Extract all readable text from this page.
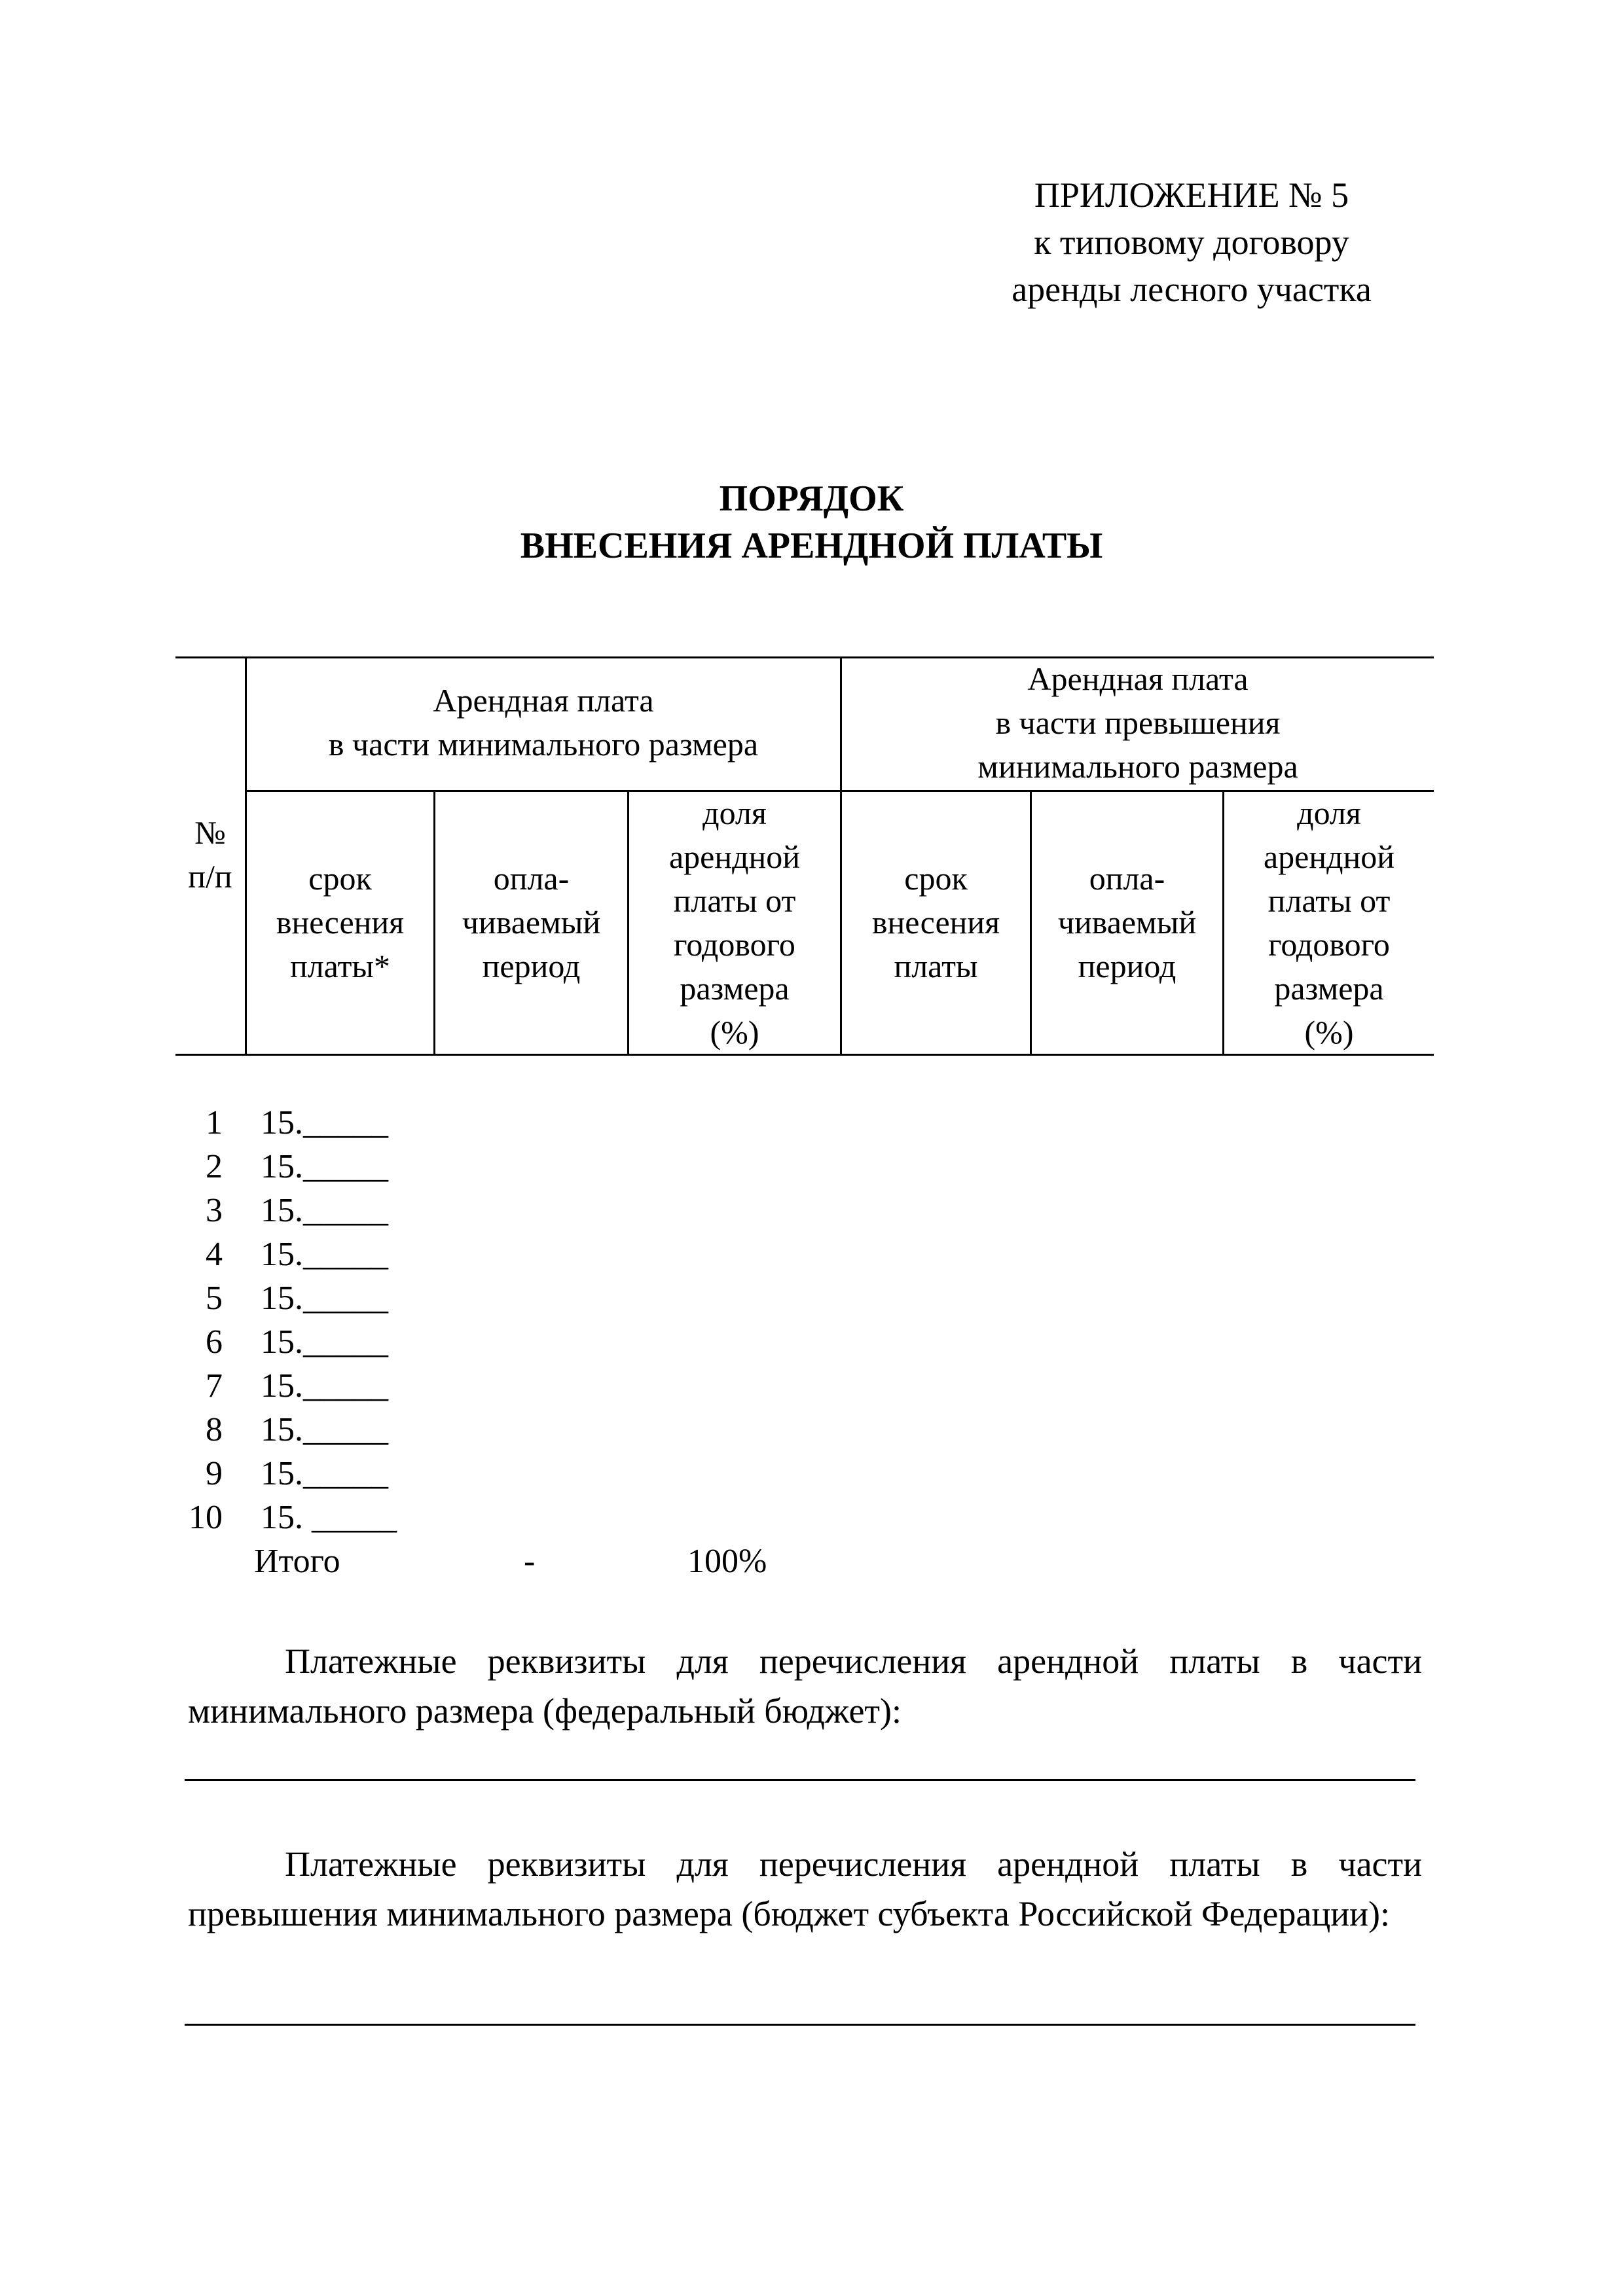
ПРИЛОЖЕНИЕ № 5
к типовому договору
аренды лесного участка
ПОРЯДОК
ВНЕСЕНИЯ АРЕНДНОЙ ПЛАТЫ
№
п/п
Арендная плата
в части минимального размера
Арендная плата
в части превышения
минимального размера
срок
внесения
платы*
опла-
чиваемый
период
доля
арендной
платы от
годового
размера
(%)
срок
внесения
платы
опла-
чиваемый
период
доля
арендной
платы от
годового
размера
(%)
1 15._____
2 15._____
3 15._____
4 15._____
5 15._____
6 15._____
7 15._____
8 15._____
9 15._____
10 15. _____
Итого	-	100%
Платежные реквизиты для перечисления арендной платы в части минимального размера (федеральный бюджет):
Платежные реквизиты для перечисления арендной платы в части превышения минимального размера (бюджет субъекта Российской Федерации):
